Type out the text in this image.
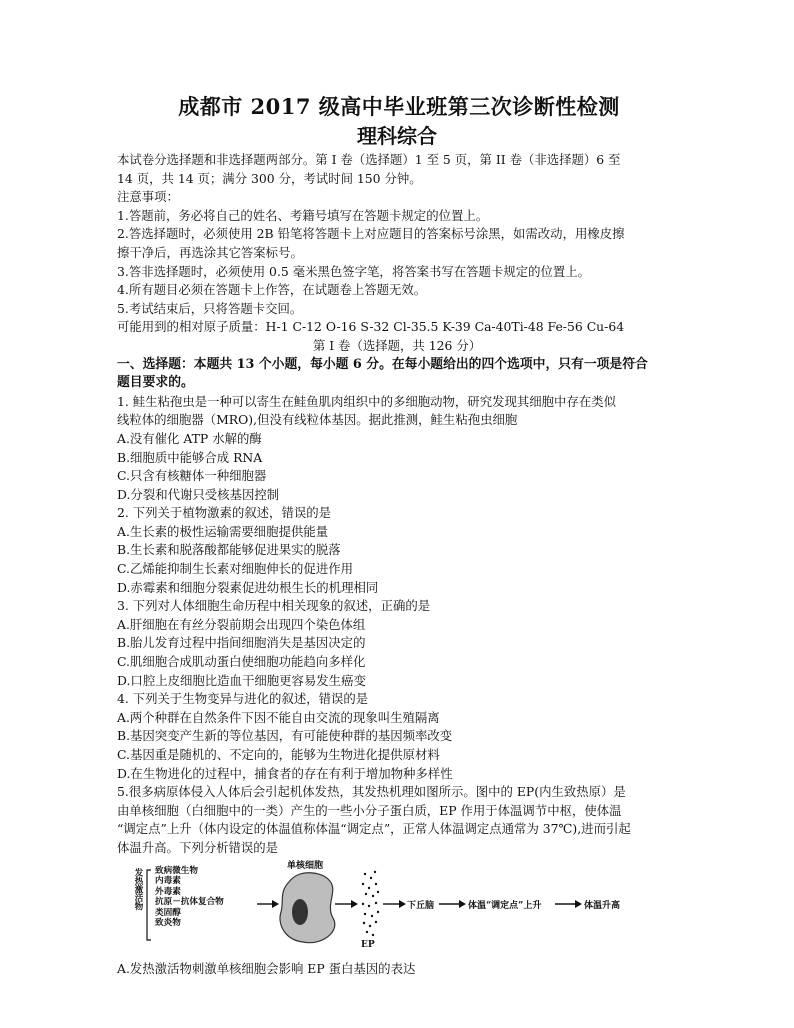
成都市 2017 级高中毕业班第三次诊断性检测
理科综合
本试卷分选择题和非选择题两部分。第 I 卷（选择题）1 至 5 页，第 II 卷（非选择题）6 至
14 页，共 14 页；满分 300 分，考试时间 150 分钟。
注意事项：
1.答题前，务必将自己的姓名、考籍号填写在答题卡规定的位置上。
2.答选择题时，必须使用 2B 铅笔将答题卡上对应题目的答案标号涂黑，如需改动，用橡皮擦
擦干净后，再选涂其它答案标号。
3.答非选择题时，必须使用 0.5 毫米黑色签字笔，将答案书写在答题卡规定的位置上。
4.所有题目必须在答题卡上作答，在试题卷上答题无效。
5.考试结束后，只将答题卡交回。
可能用到的相对原子质量：H-1 C-12 O-16 S-32 Cl-35.5 K-39 Ca-40Ti-48 Fe-56 Cu-64
第 I 卷（选择题，共 126 分）
一、选择题：本题共 13 个小题，每小题 6 分。在每小题给出的四个选项中，只有一项是符合
题目要求的。
1. 鲑生粘孢虫是一种可以寄生在鲑鱼肌肉组织中的多细胞动物，研究发现其细胞中存在类似
线粒体的细胞器（MRO),但没有线粒体基因。据此推测，鲑生粘孢虫细胞
A.没有催化 ATP 水解的酶
B.细胞质中能够合成 RNA
C.只含有核糖体一种细胞器
D.分裂和代谢只受核基因控制
2. 下列关于植物激素的叙述，错误的是
A.生长素的极性运输需要细胞提供能量
B.生长素和脱落酸都能够促进果实的脱落
C.乙烯能抑制生长素对细胞伸长的促进作用
D.赤霉素和细胞分裂素促进幼根生长的机理相同
3. 下列对人体细胞生命历程中相关现象的叙述，正确的是
A.肝细胞在有丝分裂前期会出现四个染色体组
B.胎儿发育过程中指间细胞消失是基因决定的
C.肌细胞合成肌动蛋白使细胞功能趋向多样化
D.口腔上皮细胞比造血干细胞更容易发生癌变
4. 下列关于生物变异与进化的叙述，错误的是
A.两个种群在自然条件下因不能自由交流的现象叫生殖隔离
B.基因突变产生新的等位基因，有可能使种群的基因频率改变
C.基因重是随机的、不定向的，能够为生物进化提供原材料
D.在生物进化的过程中，捕食者的存在有利于增加物种多样性
5.很多病原体侵入人体后会引起机体发热，其发热机理如图所示。图中的 EP(内生致热原）是
由单核细胞（白细胞中的一类）产生的一些小分子蛋白质，EP 作用于体温调节中枢，使体温
“调定点”上升（体内设定的体温值称体温“调定点”，正常人体温调定点通常为 37℃),进而引起
体温升高。下列分析错误的是
发热激活物 致病微生物
内毒素
外毒素
抗原－抗体复合物
类固醇
致炎物
单核细胞
EP
下丘脑	体温“调定点”上升	体温升高
A.发热激活物刺激单核细胞会影响 EP 蛋白基因的表达
